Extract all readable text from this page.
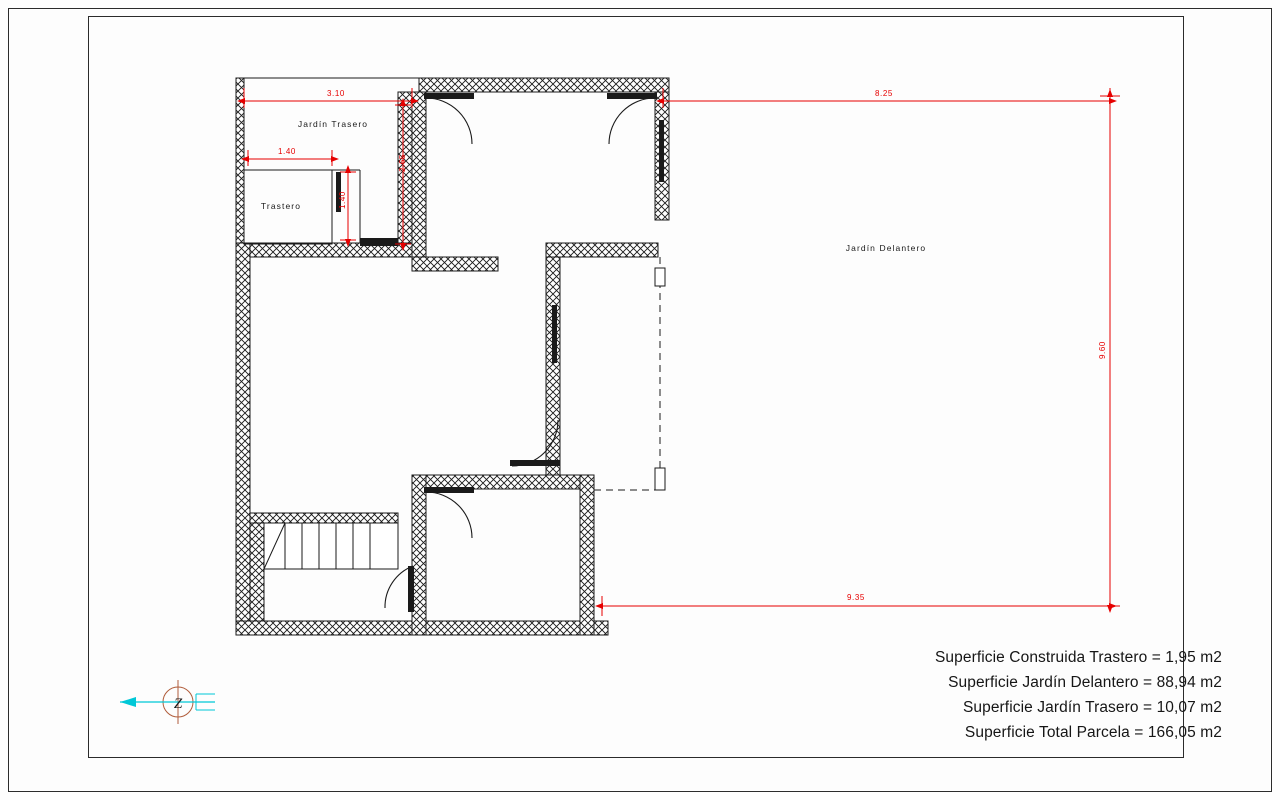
3.10	8.25
1.40
2.65
1.40
9.60
9.35
Jardín Trasero
Trastero
Jardín Delantero
Z
Superficie Construida Trastero = 1,95 m2
Superficie Jardín Delantero = 88,94 m2
Superficie Jardín Trasero = 10,07 m2
Superficie Total Parcela = 166,05 m2
